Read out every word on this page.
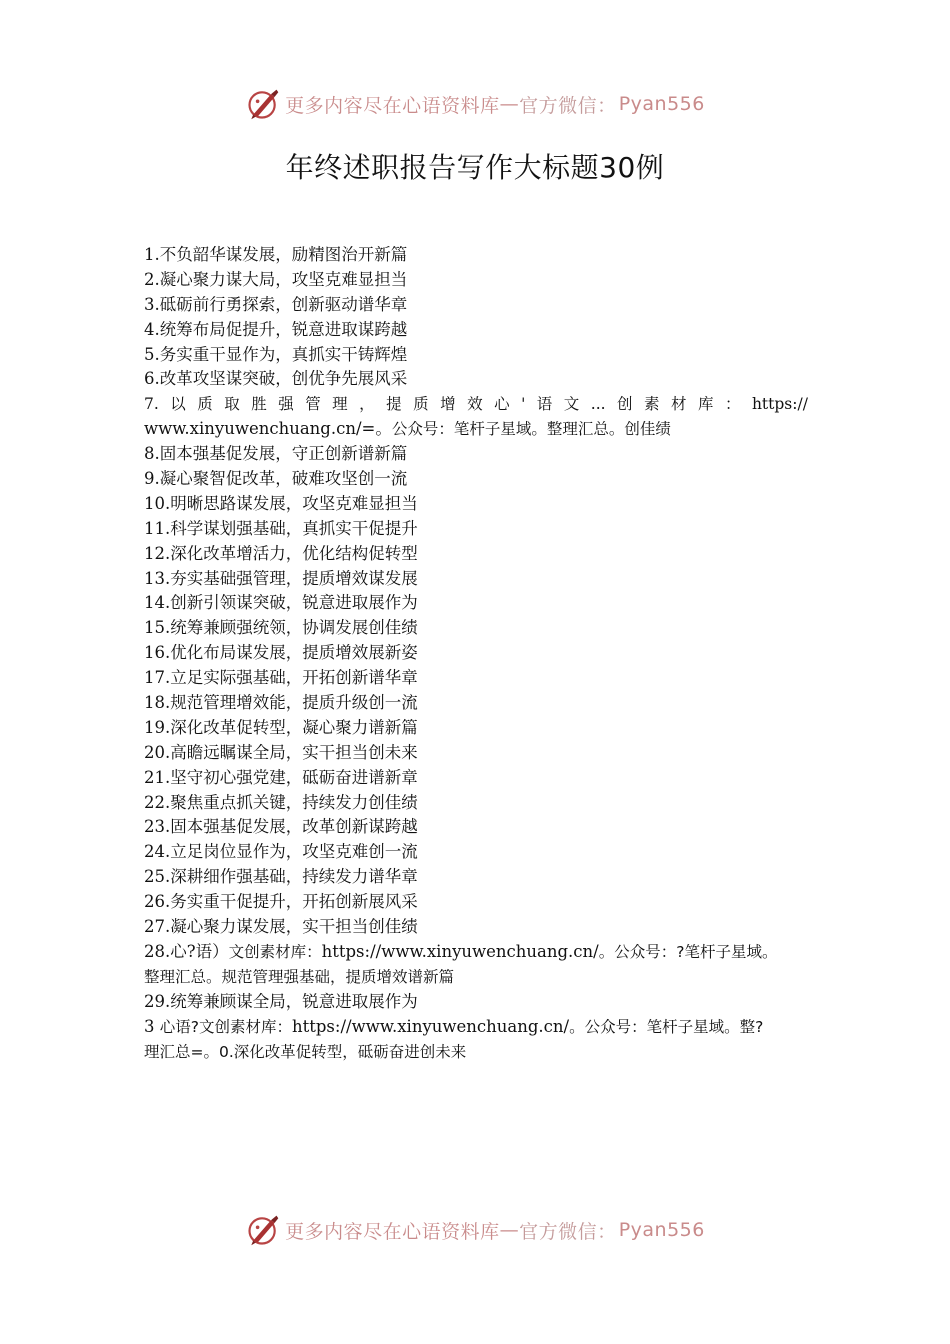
更多内容尽在心语资料库 — 官方微信： Pyan556
年终述职报告写作大标题30例
1.不负韶华谋发展，励精图治开新篇
2.凝心聚力谋大局，攻坚克难显担当
3.砥砺前行勇探索，创新驱动谱华章
4.统筹布局促提升，锐意进取谋跨越
5.务实重干显作为，真抓实干铸辉煌
6.改革攻坚谋突破，创优争先展风采
7. 以 质 取 胜 强 管 理 ， 提 质 增 效 心 ' 语 文 ... 创 素 材 库 ： https://
www.xinyuwenchuang.cn/=。公众号：笔杆子星域。整理汇总。创佳绩
8.固本强基促发展，守正创新谱新篇
9.凝心聚智促改革，破难攻坚创一流
10.明晰思路谋发展，攻坚克难显担当
11.科学谋划强基础，真抓实干促提升
12.深化改革增活力，优化结构促转型
13.夯实基础强管理，提质增效谋发展
14.创新引领谋突破，锐意进取展作为
15.统筹兼顾强统领，协调发展创佳绩
16.优化布局谋发展，提质增效展新姿
17.立足实际强基础，开拓创新谱华章
18.规范管理增效能，提质升级创一流
19.深化改革促转型，凝心聚力谱新篇
20.高瞻远瞩谋全局，实干担当创未来
21.坚守初心强党建，砥砺奋进谱新章
22.聚焦重点抓关键，持续发力创佳绩
23.固本强基促发展，改革创新谋跨越
24.立足岗位显作为，攻坚克难创一流
25.深耕细作强基础，持续发力谱华章
26.务实重干促提升，开拓创新展风采
27.凝心聚力谋发展，实干担当创佳绩
28.心?语）文创素材库：https://www.xinyuwenchuang.cn/。公众号：?笔杆子星域。
整理汇总。规范管理强基础，提质增效谱新篇
29.统筹兼顾谋全局，锐意进取展作为
3 心语?文创素材库：https://www.xinyuwenchuang.cn/。公众号：笔杆子星域。整?
理汇总=。0.深化改革促转型，砥砺奋进创未来
更多内容尽在心语资料库 — 官方微信： Pyan556
